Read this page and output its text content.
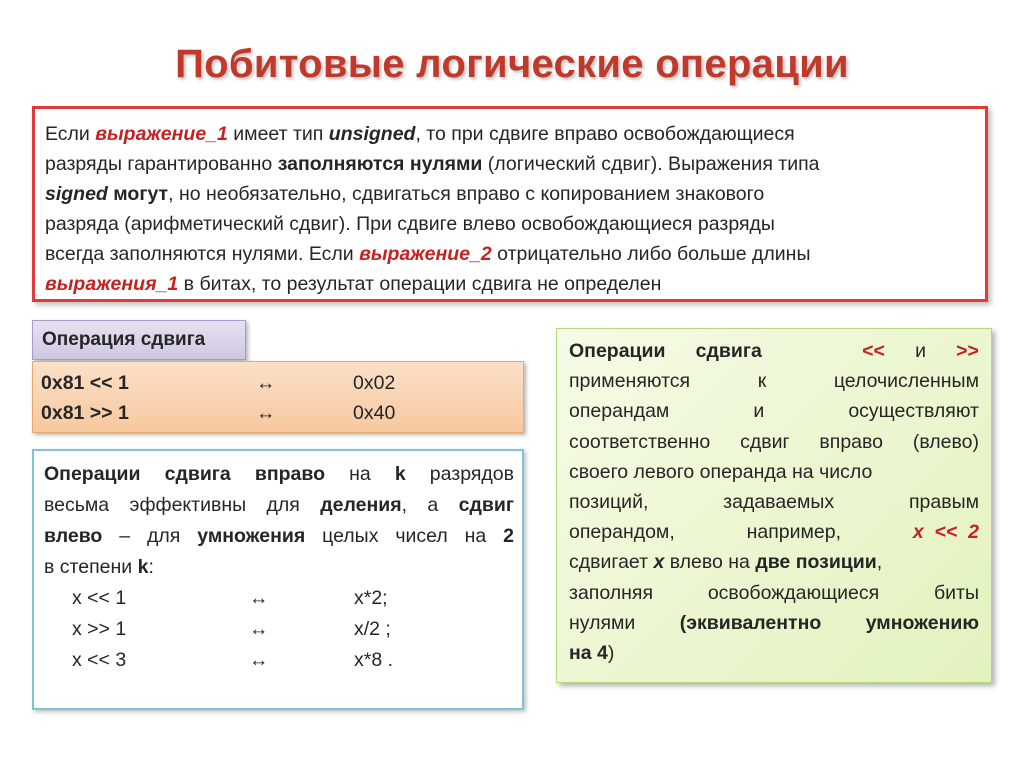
Побитовые логические операции
Если выражение_1 имеет тип unsigned, то при сдвиге вправо освобождающиеся
разряды гарантированно заполняются нулями (логический сдвиг). Выражения типа
signed могут, но необязательно, сдвигаться вправо с копированием знакового
разряда (арифметический сдвиг). При сдвиге влево освобождающиеся разряды
всегда заполняются нулями. Если выражение_2 отрицательно либо больше длины
выражения_1 в битах, то результат операции сдвига не определен
Операция сдвига
0x81 << 1	↔	0x02
0x81 >> 1	↔	0x40
Операции сдвига вправо на k разрядов
весьма эффективны для деления, а сдвиг
влево – для умножения целых чисел на 2
в степени k:
x << 1	↔	x*2;
x >> 1	↔	x/2 ;
x << 3	↔	x*8 .
Операции сдвига	<< и >>
применяются	к	целочисленным
операндам	и	осуществляют
соответственно сдвиг вправо (влево)
своего левого операнда на число
позиций,	задаваемых	правым
операндом,	например,	x  <<  2
сдвигает x влево на две позиции,
заполняя	освобождающиеся	биты
нулями (эквивалентно умножению
на 4)
